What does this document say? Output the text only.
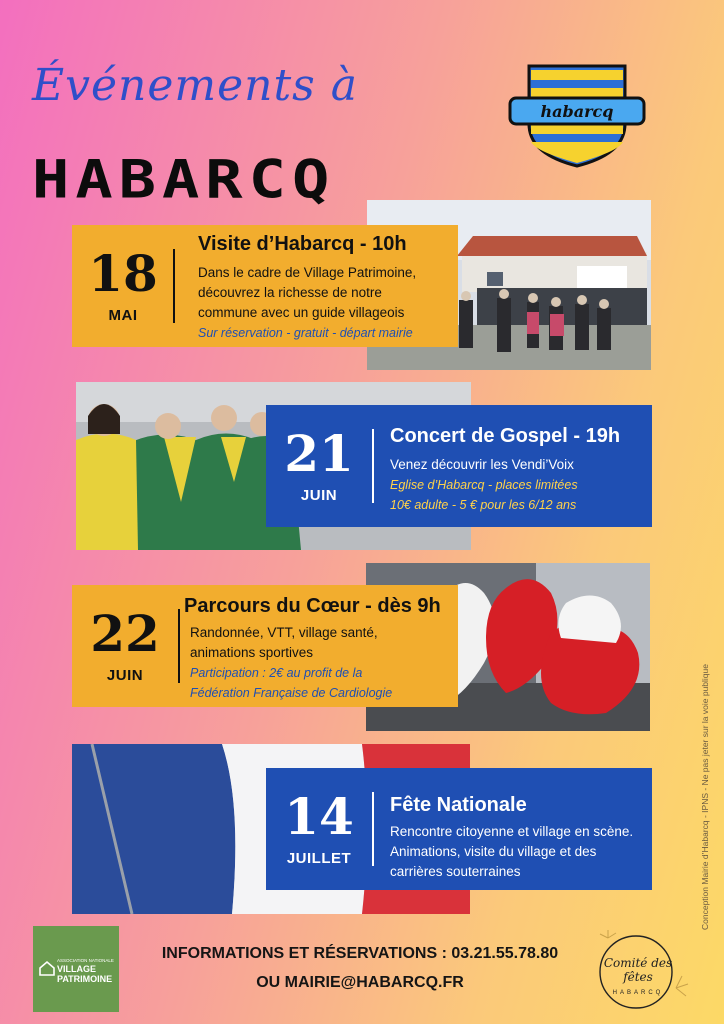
Événements à
HABARCQ
habarcq
18
MAI
Visite d’Habarcq - 10h
Dans le cadre de Village Patrimoine,
découvrez la richesse de notre
commune avec un guide villageois
Sur réservation - gratuit - départ mairie
21
JUIN
Concert de Gospel - 19h
Venez découvrir les Vendi’Voix
Eglise d’Habarcq - places limitées
10€ adulte - 5 € pour les 6/12 ans
22
JUIN
Parcours du Cœur - dès 9h
Randonnée, VTT, village santé,
animations sportives
Participation : 2€ au profit de la
Fédération Française de Cardiologie
14
JUILLET
Fête Nationale
Rencontre citoyenne et village en scène.
Animations, visite du village et des
carrières souterraines
ASSOCIATION NATIONALE
VILLAGE
PATRIMOINE
INFORMATIONS ET RÉSERVATIONS : 03.21.55.78.80
OU MAIRIE@HABARCQ.FR
Comité des fêtes
HABARCQ
Conception Mairie d’Habarcq - IPNS - Ne pas jeter sur la voie publique
